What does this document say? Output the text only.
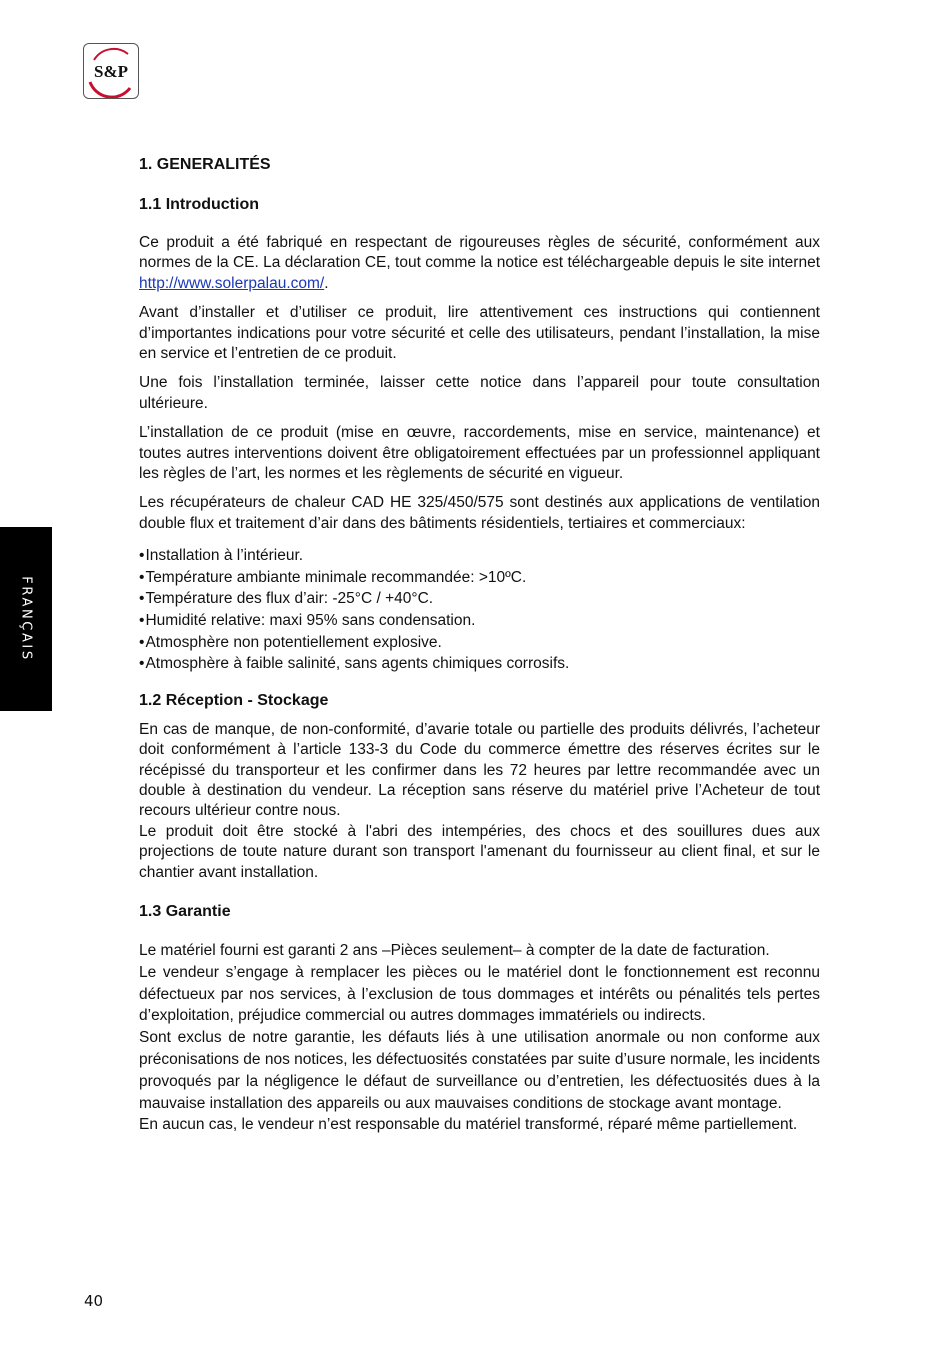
S&P
FRANÇAIS
1. GENERALITÉS
1.1 Introduction

Ce produit a été fabriqué en respectant de rigoureuses règles de sécurité, conformément aux normes de la CE. La déclaration CE, tout comme la notice est téléchargeable depuis le site internet http://www.solerpalau.com/.

Avant d’installer et d’utiliser ce produit, lire attentivement ces instructions qui contiennent d’importantes indications pour votre sécurité et celle des utilisateurs, pendant l’installation, la mise en service et l’entretien de ce produit.

Une fois l’installation terminée, laisser cette notice dans l’appareil pour toute consultation ultérieure.

L’installation de ce produit (mise en œuvre, raccordements, mise en service, maintenance) et toutes autres interventions doivent être obligatoirement effectuées par un professionnel appliquant les règles de l’art, les normes et les règlements de sécurité en vigueur.

Les récupérateurs de chaleur CAD HE 325/450/575 sont destinés aux applications de ventilation double flux et traitement d’air dans des bâtiments résidentiels, tertiaires et commerciaux:

• Installation à l’intérieur.
• Température ambiante minimale recommandée: >10ºC.
• Température des flux d’air: -25°C / +40°C.
• Humidité relative: maxi 95% sans condensation.
• Atmosphère non potentiellement explosive.
• Atmosphère à faible salinité, sans agents chimiques corrosifs.
1.2 Réception - Stockage

En cas de manque, de non-conformité, d’avarie totale ou partielle des produits délivrés, l’acheteur doit conformément à l’article 133-3 du Code du commerce émettre des réserves écrites sur le récépissé du transporteur et les confirmer dans les 72 heures par lettre recommandée avec un double à destination du vendeur. La réception sans réserve du matériel prive l’Acheteur de tout recours ultérieur contre nous.

Le produit doit être stocké à l'abri des intempéries, des chocs et des souillures dues aux projections de toute nature durant son transport l'amenant du fournisseur au client final, et sur le chantier avant installation.

1.3 Garantie

Le matériel fourni est garanti 2 ans –Pièces seulement– à compter de la date de facturation.

Le vendeur s’engage à remplacer les pièces ou le matériel dont le fonctionnement est reconnu défectueux par nos services, à l’exclusion de tous dommages et intérêts ou pénalités tels pertes d’exploitation, préjudice commercial ou autres dommages immatériels ou indirects.

Sont exclus de notre garantie, les défauts liés à une utilisation anormale ou non conforme aux préconisations de nos notices, les défectuosités constatées par suite d’usure normale, les incidents provoqués par la négligence le défaut de surveillance ou d’entretien, les défectuosités dues à la mauvaise installation des appareils ou aux mauvaises conditions de stockage avant montage.

En aucun cas, le vendeur n’est responsable du matériel transformé, réparé même partiellement.

40
